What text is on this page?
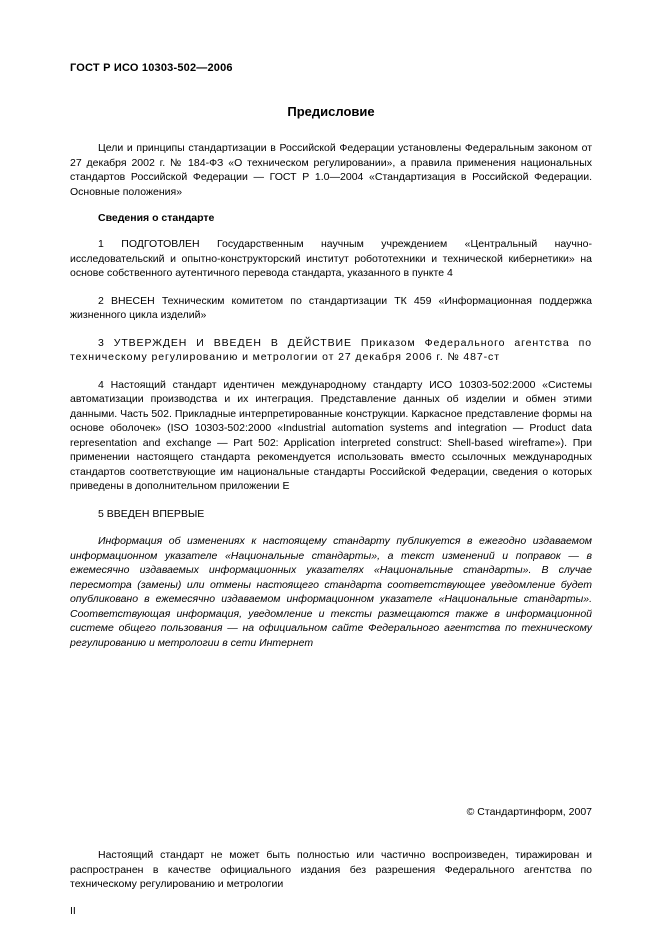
ГОСТ Р ИСО 10303-502—2006
Предисловие

Цели и принципы стандартизации в Российской Федерации установлены Федеральным законом от 27 декабря 2002 г. № 184-ФЗ «О техническом регулировании», а правила применения национальных стандартов Российской Федерации — ГОСТ Р 1.0—2004 «Стандартизация в Российской Федерации. Основные положения»

Сведения о стандарте

1 ПОДГОТОВЛЕН Государственным научным учреждением «Центральный научно-исследовательский и опытно-конструкторский институт робототехники и технической кибернетики» на основе собственного аутентичного перевода стандарта, указанного в пункте 4

2 ВНЕСЕН Техническим комитетом по стандартизации ТК 459 «Информационная поддержка жизненного цикла изделий»

3 УТВЕРЖДЕН И ВВЕДЕН В ДЕЙСТВИЕ Приказом Федерального агентства по техническому регулированию и метрологии от 27 декабря 2006 г. № 487-ст

4 Настоящий стандарт идентичен международному стандарту ИСО 10303-502:2000 «Системы автоматизации производства и их интеграция. Представление данных об изделии и обмен этими данными. Часть 502. Прикладные интерпретированные конструкции. Каркасное представление формы на основе оболочек» (ISO 10303-502:2000 «Industrial automation systems and integration — Product data representation and exchange — Part 502: Application interpreted construct: Shell-based wireframe»). При применении настоящего стандарта рекомендуется использовать вместо ссылочных международных стандартов соответствующие им национальные стандарты Российской Федерации, сведения о которых приведены в дополнительном приложении Е

5 ВВЕДЕН ВПЕРВЫЕ

Информация об изменениях к настоящему стандарту публикуется в ежегодно издаваемом информационном указателе «Национальные стандарты», а текст изменений и поправок — в ежемесячно издаваемых информационных указателях «Национальные стандарты». В случае пересмотра (замены) или отмены настоящего стандарта соответствующее уведомление будет опубликовано в ежемесячно издаваемом информационном указателе «Национальные стандарты». Соответствующая информация, уведомление и тексты размещаются также в информационной системе общего пользования — на официальном сайте Федерального агентства по техническому регулированию и метрологии в сети Интернет

© Стандартинформ, 2007
Настоящий стандарт не может быть полностью или частично воспроизведен, тиражирован и распространен в качестве официального издания без разрешения Федерального агентства по техническому регулированию и метрологии
II
